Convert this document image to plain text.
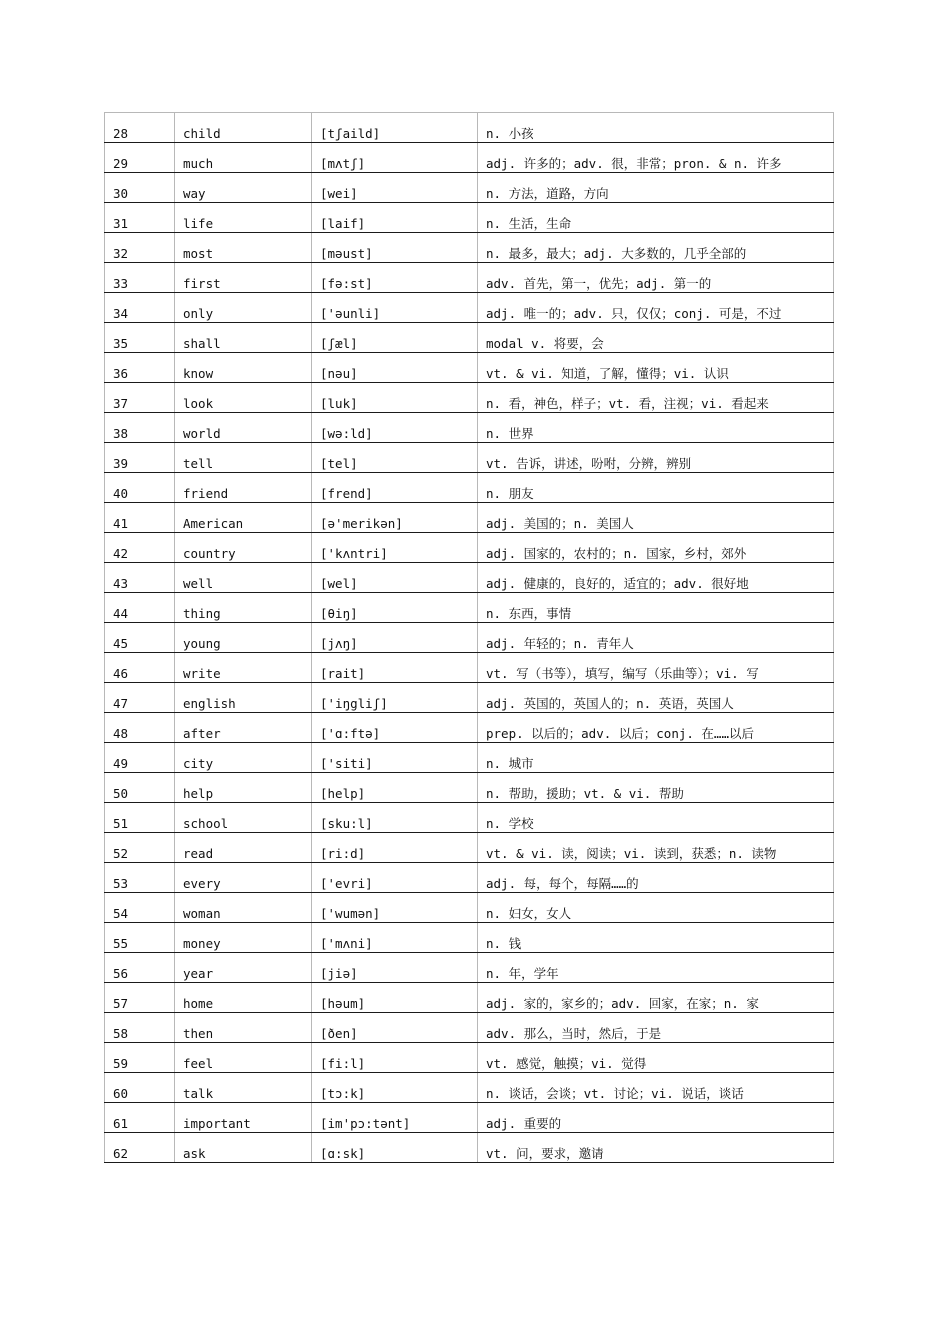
28	child	[tʃaild]	n. 小孩
29	much	[mʌtʃ]	adj. 许多的；adv. 很，非常；pron. & n. 许多
30	way	[wei]	n. 方法，道路，方向
31	life	[laif]	n. 生活，生命
32	most	[məust]	n. 最多，最大；adj. 大多数的，几乎全部的
33	first	[fə:st]	adv. 首先，第一，优先；adj. 第一的
34	only	['əunli]	adj. 唯一的；adv. 只，仅仅；conj. 可是，不过
35	shall	[ʃæl]	modal v. 将要，会
36	know	[nəu]	vt. & vi. 知道，了解，懂得；vi. 认识
37	look	[luk]	n. 看，神色，样子；vt. 看，注视；vi. 看起来
38	world	[wə:ld]	n. 世界
39	tell	[tel]	vt. 告诉，讲述，吩咐，分辨，辨别
40	friend	[frend]	n. 朋友
41	American	[ə'merikən]	adj. 美国的；n. 美国人
42	country	['kʌntri]	adj. 国家的，农村的；n. 国家，乡村，郊外
43	well	[wel]	adj. 健康的，良好的，适宜的；adv. 很好地
44	thing	[θiŋ]	n. 东西，事情
45	young	[jʌŋ]	adj. 年轻的；n. 青年人
46	write	[rait]	vt. 写（书等），填写，编写（乐曲等）；vi. 写
47	english	['iŋgliʃ]	adj. 英国的，英国人的；n. 英语，英国人
48	after	['ɑ:ftə]	prep. 以后的；adv. 以后；conj. 在……以后
49	city	['siti]	n. 城市
50	help	[help]	n. 帮助，援助；vt. & vi. 帮助
51	school	[sku:l]	n. 学校
52	read	[ri:d]	vt. & vi. 读，阅读；vi. 读到，获悉；n. 读物
53	every	['evri]	adj. 每，每个，每隔……的
54	woman	['wumən]	n. 妇女，女人
55	money	['mʌni]	n. 钱
56	year	[jiə]	n. 年，学年
57	home	[həum]	adj. 家的，家乡的；adv. 回家，在家；n. 家
58	then	[ðen]	adv. 那么，当时，然后，于是
59	feel	[fi:l]	vt. 感觉，触摸；vi. 觉得
60	talk	[tɔ:k]	n. 谈话，会谈；vt. 讨论；vi. 说话，谈话
61	important	[im'pɔ:tənt]	adj. 重要的
62	ask	[ɑ:sk]	vt. 问，要求，邀请
